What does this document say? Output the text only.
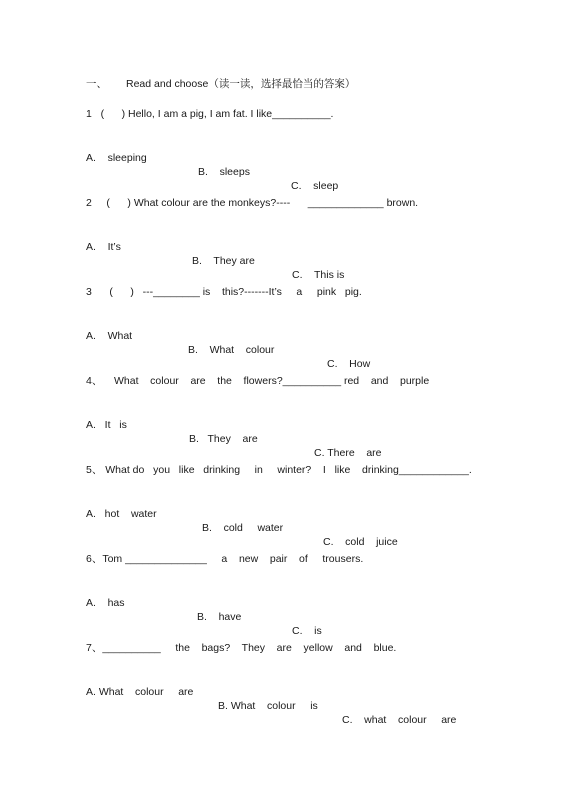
一、 Read and choose（读一读，选择最恰当的答案）
1   (      ) Hello, I am a pig, I am fat. I like__________.

A.    sleeping

B.    sleeps

C.    sleep

2     (      ) What colour are the monkeys?----      _____________ brown.

A.    It’s

B.    They are

C.    This is

3      (      )   ---________ is    this?-------It’s     a     pink   pig.

A.    What

B.    What    colour

C.    How

4、    What    colour    are    the    flowers?__________ red    and    purple

A.   It   is

B.   They    are

C. There    are

5、 What do   you   like   drinking     in     winter?    I   like    drinking____________.

A.   hot    water

B.    cold     water

C.    cold    juice

6、Tom ______________     a    new    pair    of     trousers.

A.    has

B.    have

C.    is

7、__________     the    bags?    They    are    yellow    and    blue.

A. What    colour     are

B. What    colour     is

C.    what    colour     are
